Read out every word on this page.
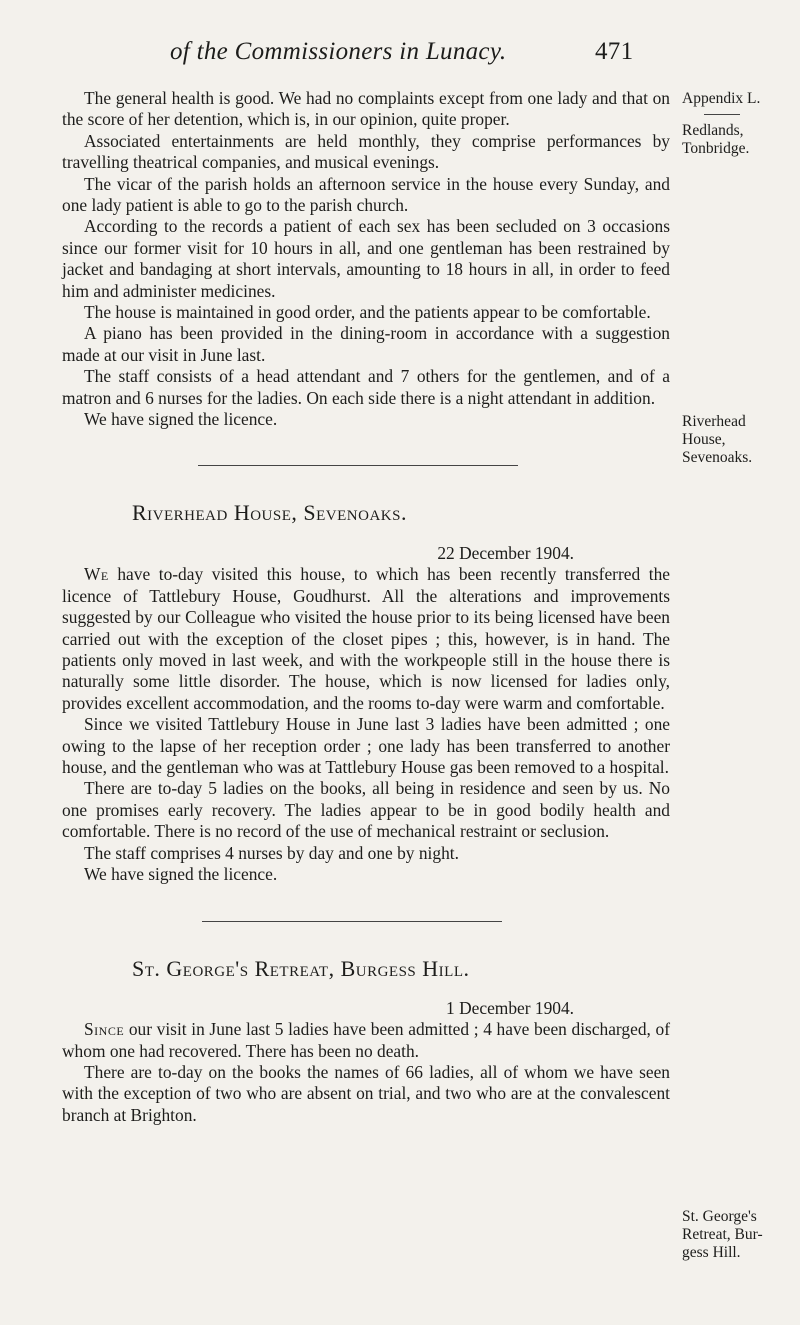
of the Commissioners in Lunacy.	471
Appendix L.
Redlands,
Tonbridge.
Riverhead
House,
Sevenoaks.
St. George's
Retreat, Bur-
gess Hill.

The general health is good. We had no complaints except from one lady and that on the score of her detention, which is, in our opinion, quite proper.

Associated entertainments are held monthly, they comprise performances by travelling theatrical companies, and musical evenings.

The vicar of the parish holds an afternoon service in the house every Sunday, and one lady patient is able to go to the parish church.

According to the records a patient of each sex has been secluded on 3 occasions since our former visit for 10 hours in all, and one gentleman has been restrained by jacket and bandaging at short intervals, amounting to 18 hours in all, in order to feed him and administer medicines.

The house is maintained in good order, and the patients appear to be comfortable.

A piano has been provided in the dining-room in accordance with a suggestion made at our visit in June last.

The staff consists of a head attendant and 7 others for the gentlemen, and of a matron and 6 nurses for the ladies. On each side there is a night attendant in addition.

We have signed the licence.

Riverhead House, Sevenoaks.

22 December 1904.

We have to-day visited this house, to which has been recently transferred the licence of Tattlebury House, Goudhurst. All the alterations and improvements suggested by our Colleague who visited the house prior to its being licensed have been carried out with the exception of the closet pipes ; this, however, is in hand. The patients only moved in last week, and with the workpeople still in the house there is naturally some little disorder. The house, which is now licensed for ladies only, provides excellent accommodation, and the rooms to-day were warm and comfortable.

Since we visited Tattlebury House in June last 3 ladies have been admitted ; one owing to the lapse of her reception order ; one lady has been transferred to another house, and the gentleman who was at Tattlebury House gas been removed to a hospital.

There are to-day 5 ladies on the books, all being in residence and seen by us. No one promises early recovery. The ladies appear to be in good bodily health and comfortable. There is no record of the use of mechanical restraint or seclusion.

The staff comprises 4 nurses by day and one by night.

We have signed the licence.

St. George's Retreat, Burgess Hill.

1 December 1904.

Since our visit in June last 5 ladies have been admitted ; 4 have been discharged, of whom one had recovered. There has been no death.

There are to-day on the books the names of 66 ladies, all of whom we have seen with the exception of two who are absent on trial, and two who are at the convalescent branch at Brighton.
